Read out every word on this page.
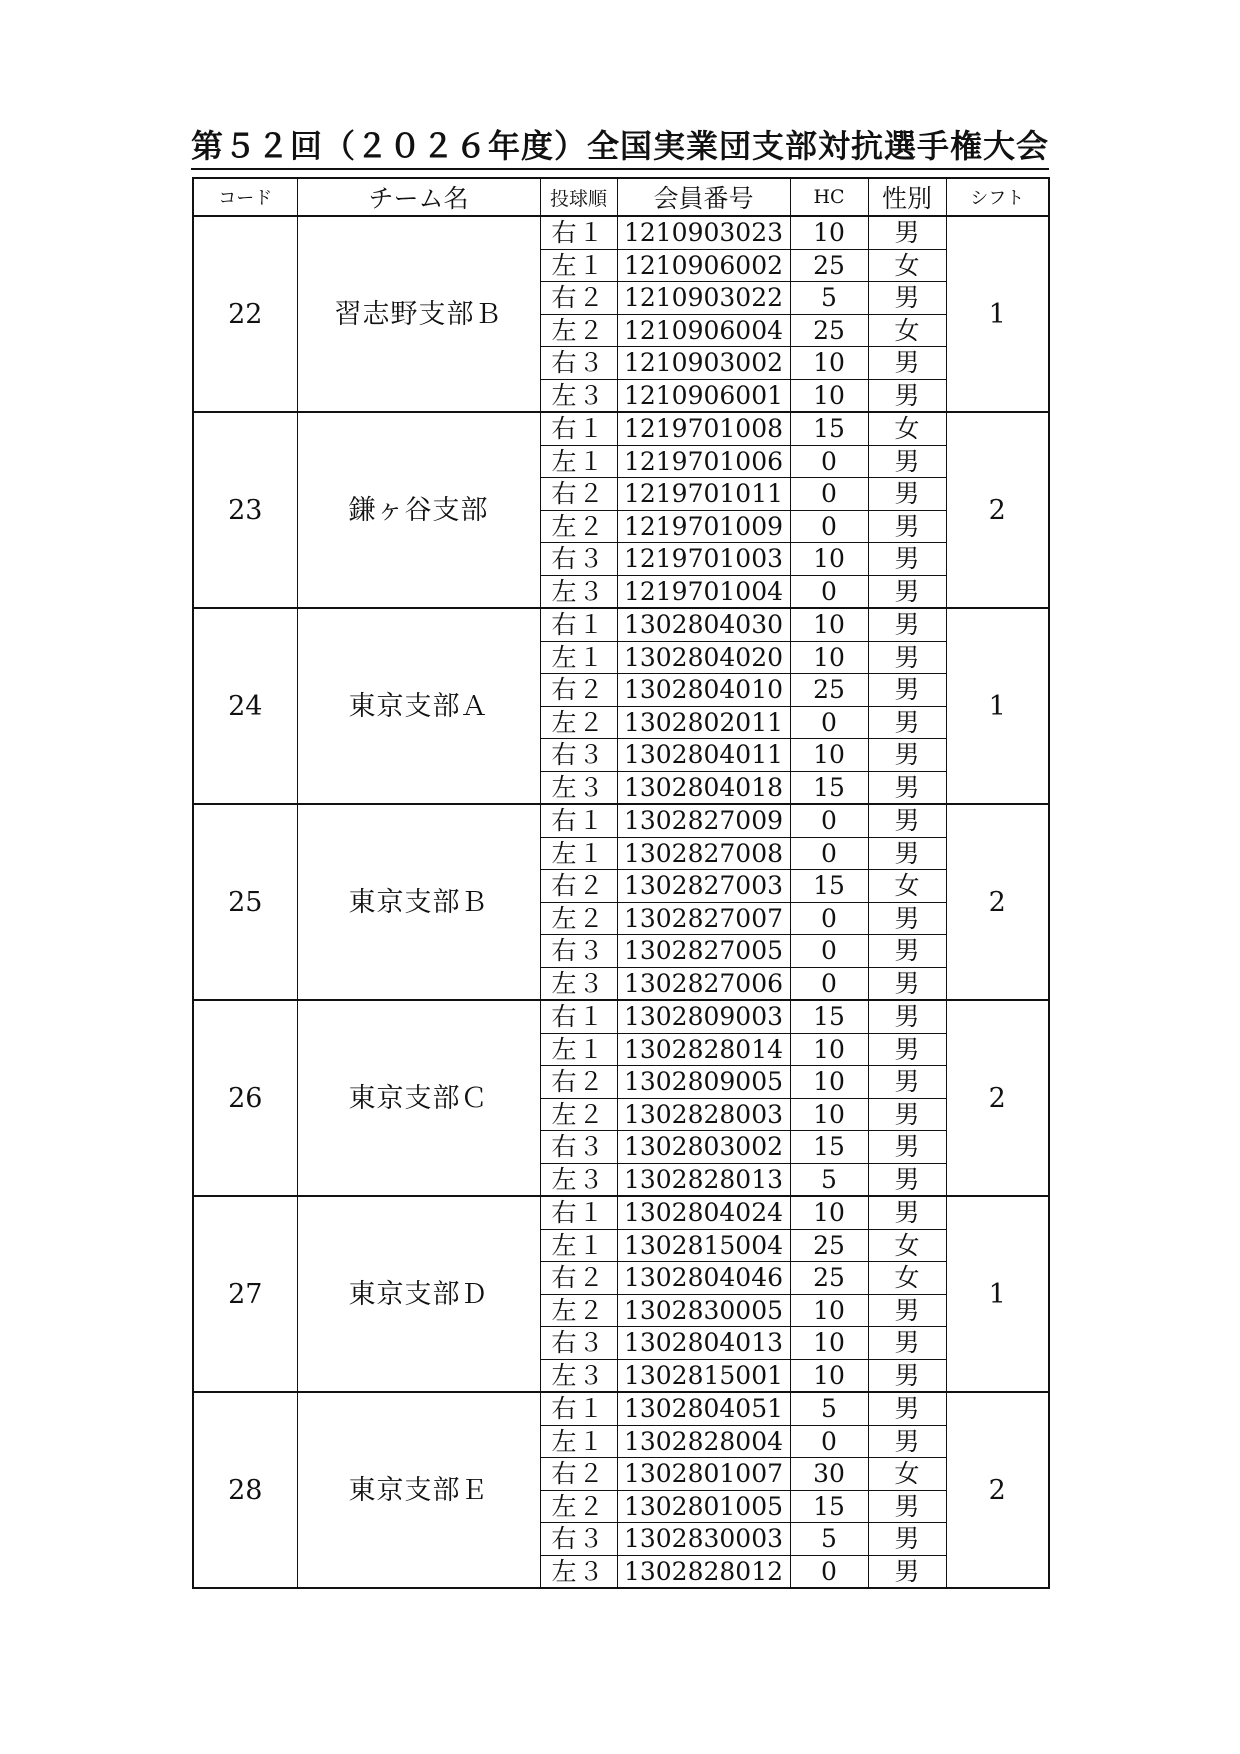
第５２回（２０２６年度）全国実業団支部対抗選手権大会
コード	チーム名	投球順	会員番号	HC	性別	シフト
22	習志野支部Ｂ	右１	1210903023	10	男	1
		左１	1210906002	25	女	
		右２	1210903022	5	男	
		左２	1210906004	25	女	
		右３	1210903002	10	男	
		左３	1210906001	10	男	
23	鎌ヶ谷支部	右１	1219701008	15	女	2
		左１	1219701006	0	男	
		右２	1219701011	0	男	
		左２	1219701009	0	男	
		右３	1219701003	10	男	
		左３	1219701004	0	男	
24	東京支部Ａ	右１	1302804030	10	男	1
		左１	1302804020	10	男	
		右２	1302804010	25	男	
		左２	1302802011	0	男	
		右３	1302804011	10	男	
		左３	1302804018	15	男	
25	東京支部Ｂ	右１	1302827009	0	男	2
		左１	1302827008	0	男	
		右２	1302827003	15	女	
		左２	1302827007	0	男	
		右３	1302827005	0	男	
		左３	1302827006	0	男	
26	東京支部Ｃ	右１	1302809003	15	男	2
		左１	1302828014	10	男	
		右２	1302809005	10	男	
		左２	1302828003	10	男	
		右３	1302803002	15	男	
		左３	1302828013	5	男	
27	東京支部Ｄ	右１	1302804024	10	男	1
		左１	1302815004	25	女	
		右２	1302804046	25	女	
		左２	1302830005	10	男	
		右３	1302804013	10	男	
		左３	1302815001	10	男	
28	東京支部Ｅ	右１	1302804051	5	男	2
		左１	1302828004	0	男	
		右２	1302801007	30	女	
		左２	1302801005	15	男	
		右３	1302830003	5	男	
		左３	1302828012	0	男	
